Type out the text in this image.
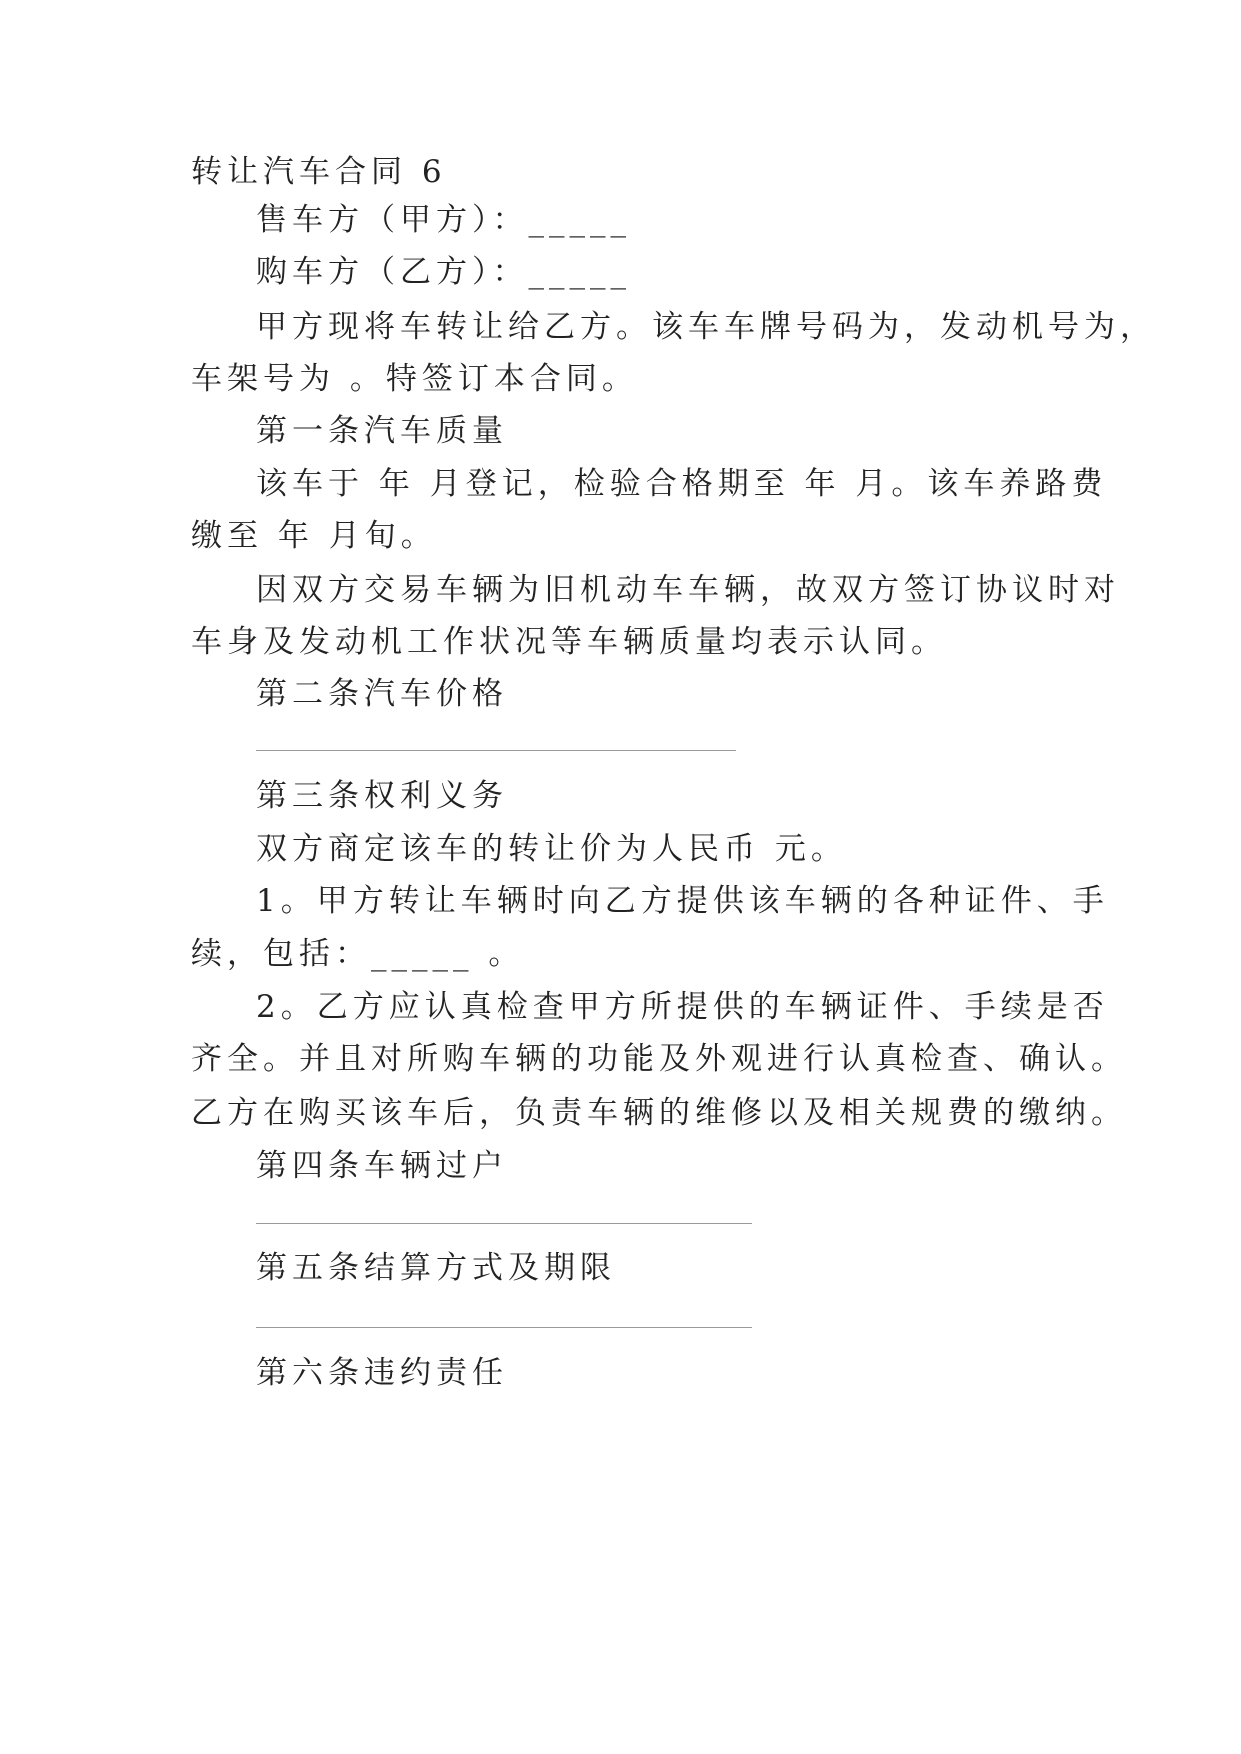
转让汽车合同 6
售车方（甲方）：_____
购车方（乙方）：_____
甲方现将车转让给乙方。该车车牌号码为，发动机号为，
车架号为 。特签订本合同。
第一条汽车质量
该车于 年 月登记，检验合格期至 年 月。该车养路费
缴至 年 月旬。
因双方交易车辆为旧机动车车辆，故双方签订协议时对
车身及发动机工作状况等车辆质量均表示认同。
第二条汽车价格
第三条权利义务
双方商定该车的转让价为人民币 元。
1。甲方转让车辆时向乙方提供该车辆的各种证件、手
续，包括：_____ 。
2。乙方应认真检查甲方所提供的车辆证件、手续是否
齐全。并且对所购车辆的功能及外观进行认真检查、确认。
乙方在购买该车后，负责车辆的维修以及相关规费的缴纳。
第四条车辆过户
第五条结算方式及期限
第六条违约责任
